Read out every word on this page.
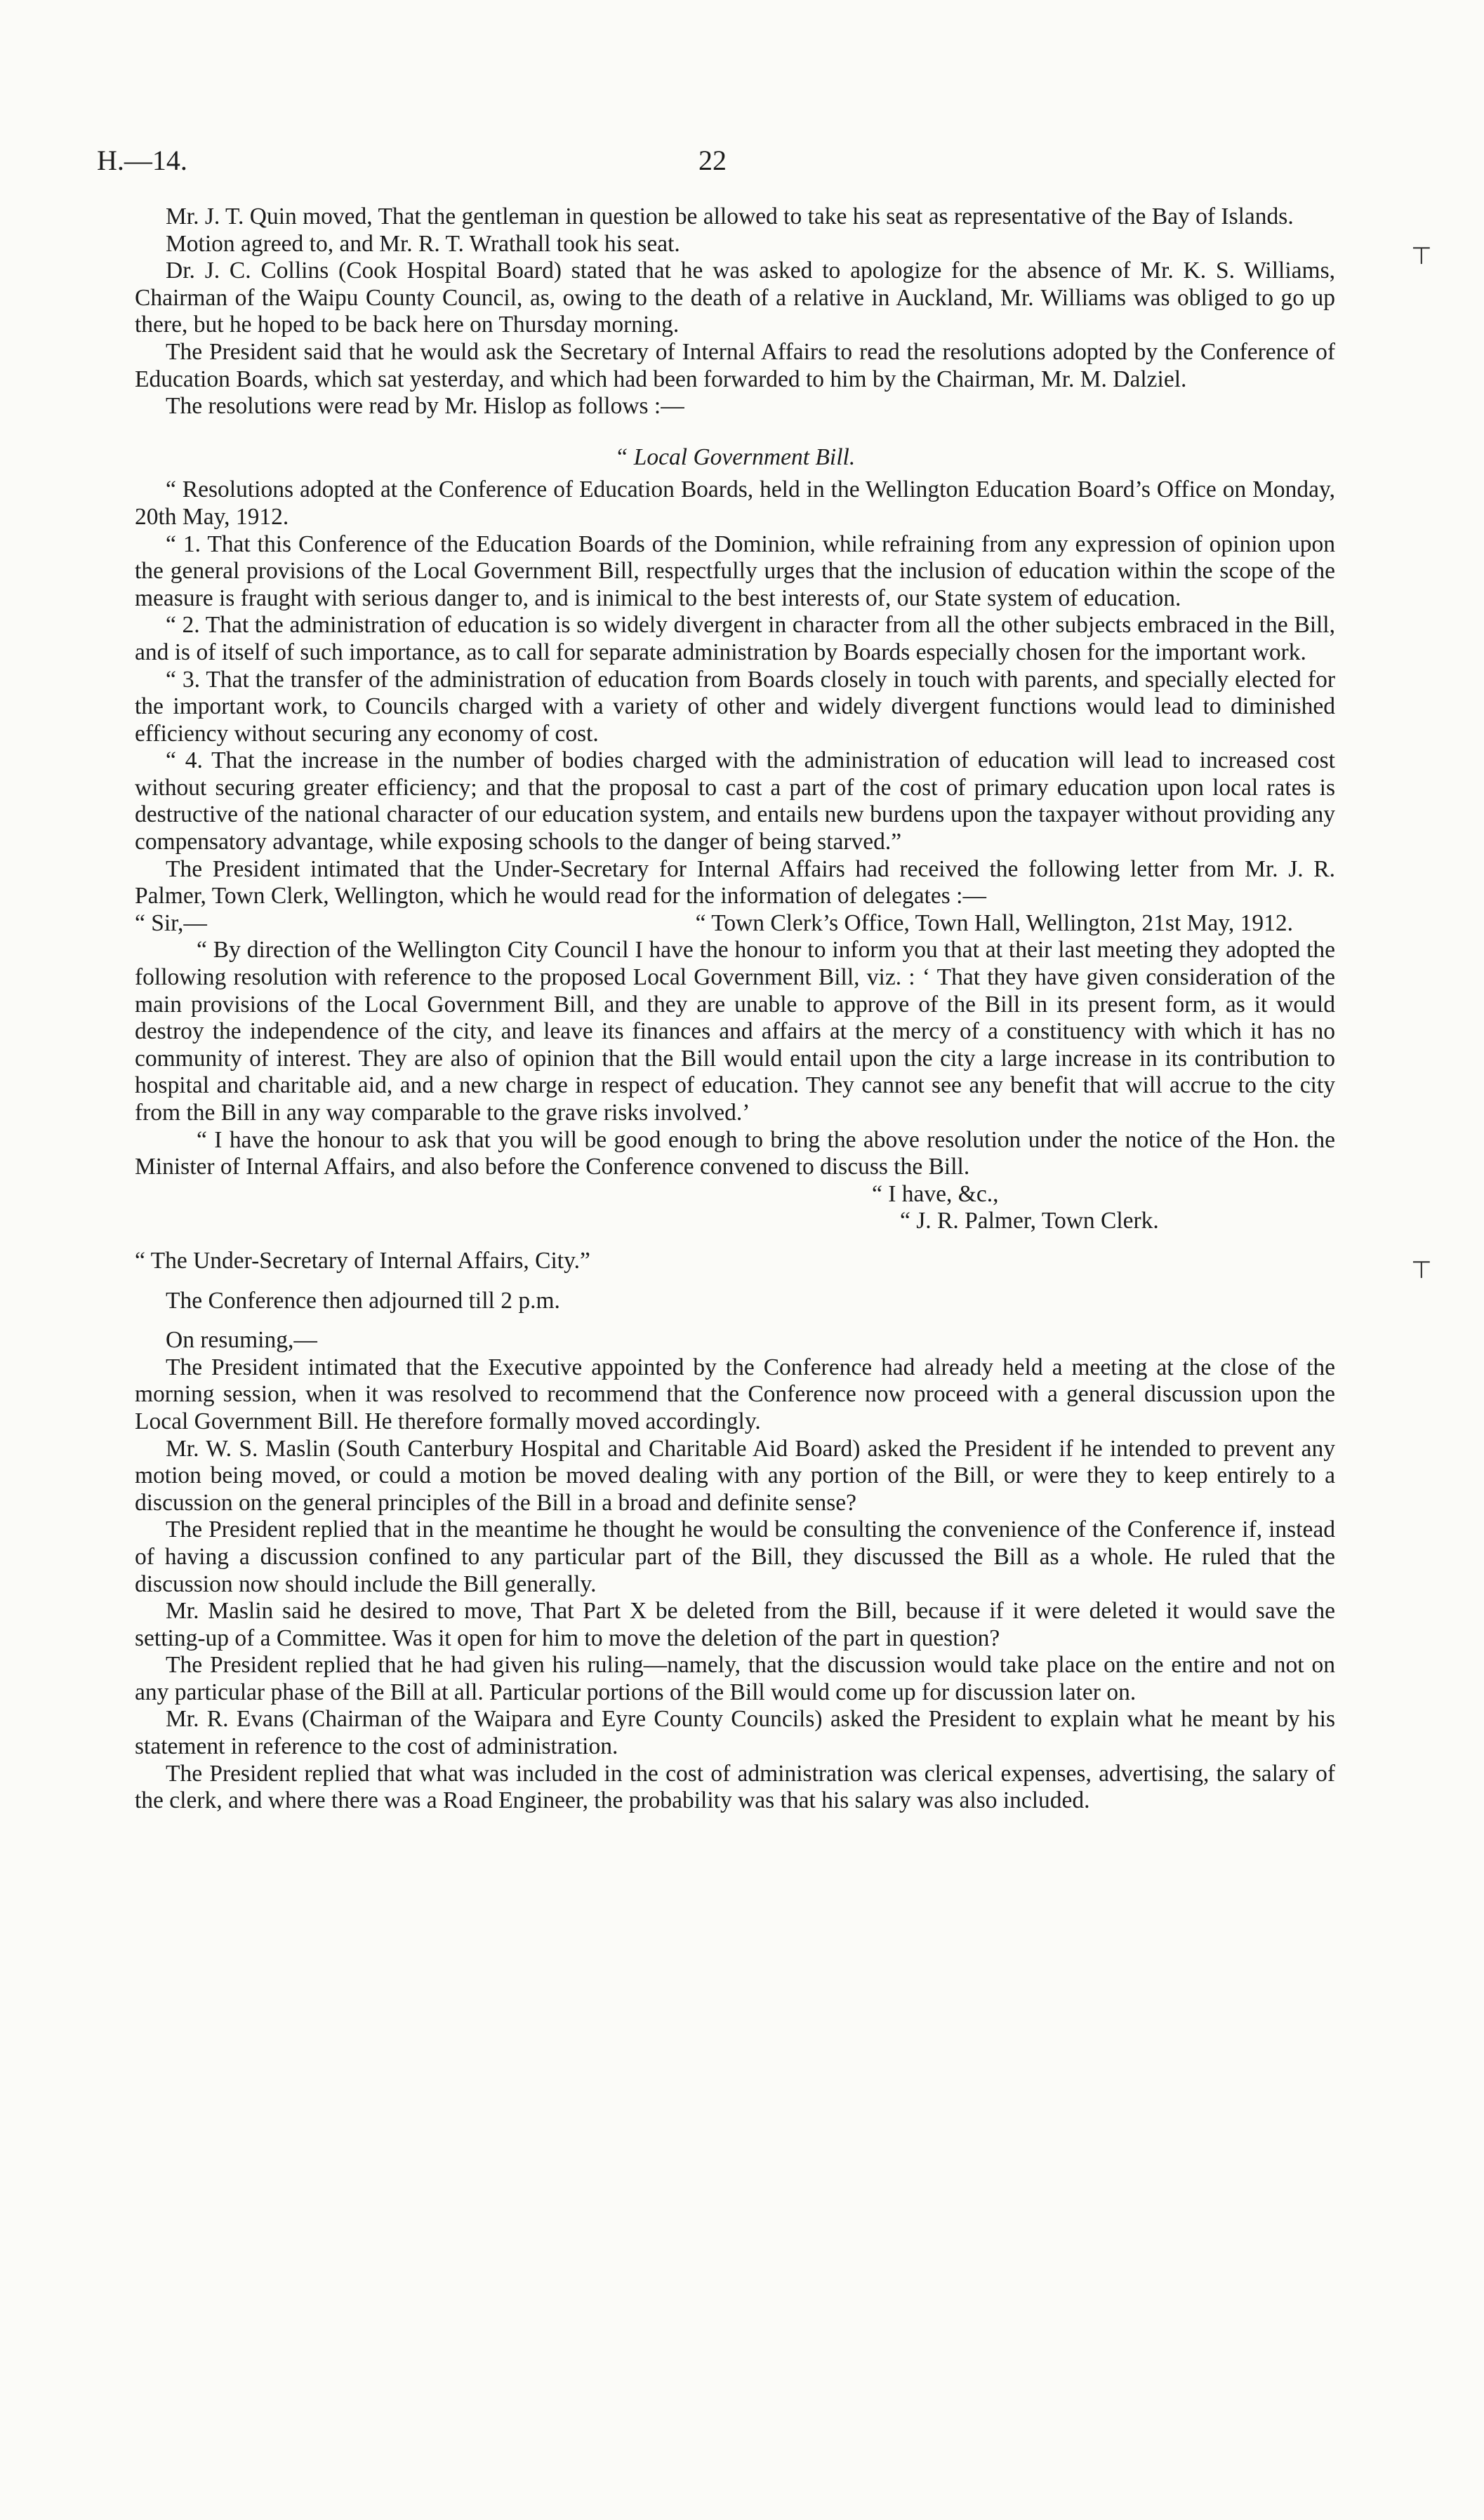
H.—14.	22
⊤
⊤

Mr. J. T. Quin moved, That the gentleman in question be allowed to take his seat as representative of the Bay of Islands.

Motion agreed to, and Mr. R. T. Wrathall took his seat.

Dr. J. C. Collins (Cook Hospital Board) stated that he was asked to apologize for the absence of Mr. K. S. Williams, Chairman of the Waipu County Council, as, owing to the death of a relative in Auckland, Mr. Williams was obliged to go up there, but he hoped to be back here on Thursday morning.

The President said that he would ask the Secretary of Internal Affairs to read the resolutions adopted by the Conference of Education Boards, which sat yesterday, and which had been forwarded to him by the Chairman, Mr. M. Dalziel.

The resolutions were read by Mr. Hislop as follows :—

“ Local Government Bill.

“ Resolutions adopted at the Conference of Education Boards, held in the Wellington Education Board’s Office on Monday, 20th May, 1912.

“ 1. That this Conference of the Education Boards of the Dominion, while refraining from any expression of opinion upon the general provisions of the Local Government Bill, respectfully urges that the inclusion of education within the scope of the measure is fraught with serious danger to, and is inimical to the best interests of, our State system of education.

“ 2. That the administration of education is so widely divergent in character from all the other subjects embraced in the Bill, and is of itself of such importance, as to call for separate administration by Boards especially chosen for the important work.

“ 3. That the transfer of the administration of education from Boards closely in touch with parents, and specially elected for the important work, to Councils charged with a variety of other and widely divergent functions would lead to diminished efficiency without securing any economy of cost.

“ 4. That the increase in the number of bodies charged with the administration of education will lead to increased cost without securing greater efficiency; and that the proposal to cast a part of the cost of primary education upon local rates is destructive of the national character of our education system, and entails new burdens upon the taxpayer without providing any compensatory advantage, while exposing schools to the danger of being starved.”

The President intimated that the Under-Secretary for Internal Affairs had received the following letter from Mr. J. R. Palmer, Town Clerk, Wellington, which he would read for the information of delegates :—

“ Sir,—	“ Town Clerk’s Office, Town Hall, Wellington, 21st May, 1912.

“ By direction of the Wellington City Council I have the honour to inform you that at their last meeting they adopted the following resolution with reference to the proposed Local Government Bill, viz. : ‘ That they have given consideration of the main provisions of the Local Government Bill, and they are unable to approve of the Bill in its present form, as it would destroy the independence of the city, and leave its finances and affairs at the mercy of a constituency with which it has no community of interest. They are also of opinion that the Bill would entail upon the city a large increase in its contribution to hospital and charitable aid, and a new charge in respect of education. They cannot see any benefit that will accrue to the city from the Bill in any way comparable to the grave risks involved.’

“ I have the honour to ask that you will be good enough to bring the above resolution under the notice of the Hon. the Minister of Internal Affairs, and also before the Conference convened to discuss the Bill.

“ I have, &c.,

“ J. R. Palmer, Town Clerk.

“ The Under-Secretary of Internal Affairs, City.”

The Conference then adjourned till 2 p.m.

On resuming,—

The President intimated that the Executive appointed by the Conference had already held a meeting at the close of the morning session, when it was resolved to recommend that the Conference now proceed with a general discussion upon the Local Government Bill. He therefore formally moved accordingly.

Mr. W. S. Maslin (South Canterbury Hospital and Charitable Aid Board) asked the President if he intended to prevent any motion being moved, or could a motion be moved dealing with any portion of the Bill, or were they to keep entirely to a discussion on the general principles of the Bill in a broad and definite sense?

The President replied that in the meantime he thought he would be consulting the convenience of the Conference if, instead of having a discussion confined to any particular part of the Bill, they discussed the Bill as a whole. He ruled that the discussion now should include the Bill generally.

Mr. Maslin said he desired to move, That Part X be deleted from the Bill, because if it were deleted it would save the setting-up of a Committee. Was it open for him to move the deletion of the part in question?

The President replied that he had given his ruling—namely, that the discussion would take place on the entire and not on any particular phase of the Bill at all. Particular portions of the Bill would come up for discussion later on.

Mr. R. Evans (Chairman of the Waipara and Eyre County Councils) asked the President to explain what he meant by his statement in reference to the cost of administration.

The President replied that what was included in the cost of administration was clerical expenses, advertising, the salary of the clerk, and where there was a Road Engineer, the probability was that his salary was also included.
